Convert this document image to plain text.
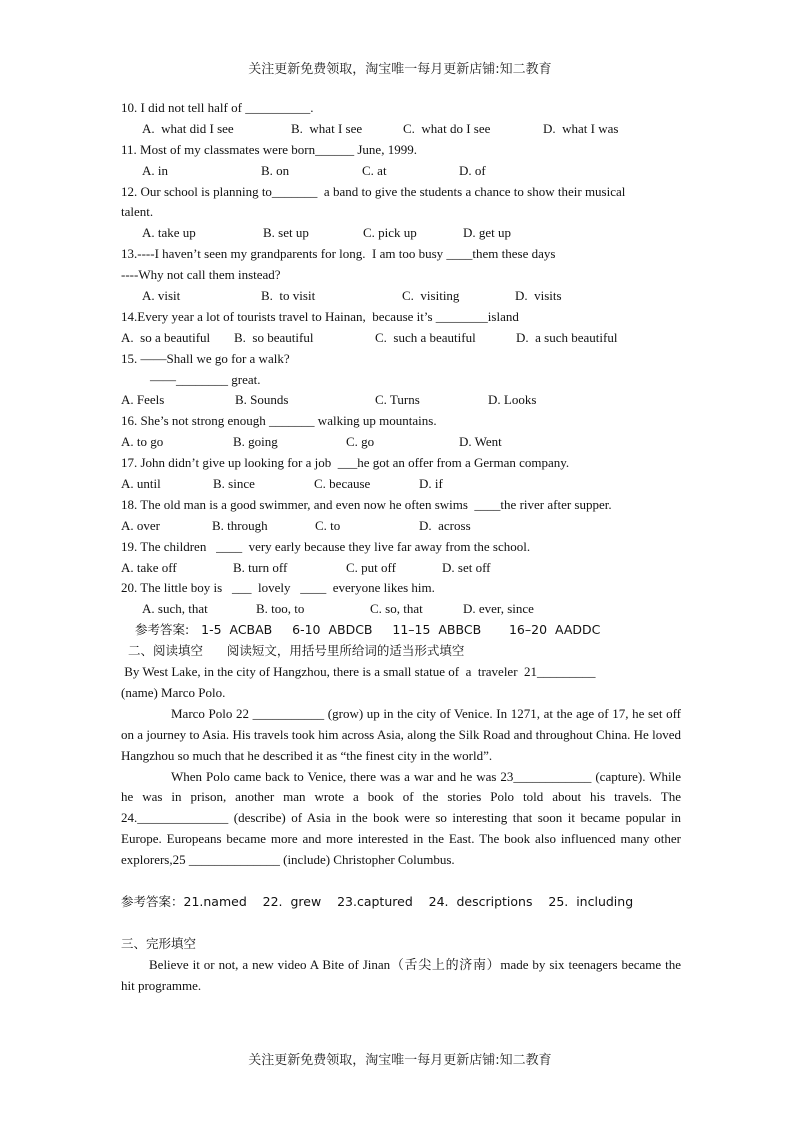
关注更新免费领取，淘宝唯一每月更新店铺:知二教育
10. I did not tell half of __________.
A.  what did I see	B.  what I see	C.  what do I see	D.  what I was
11. Most of my classmates were born______ June, 1999.
A. in	B. on	C. at	D. of
12. Our school is planning to_______  a band to give the students a chance to show their musical
talent.
A. take up	B. set up	C. pick up	D. get up
13.----I haven’t seen my grandparents for long.  I am too busy ____them these days
----Why not call them instead?
A. visit	B.  to visit	C.  visiting	D.  visits
14.Every year a lot of tourists travel to Hainan,  because it’s ________island
A.  so a beautiful	B.  so beautiful	C.  such a beautiful	D.  a such beautiful
15. ——Shall we go for a walk?
——________ great.
A. Feels	B. Sounds	C. Turns	D. Looks
16. She’s not strong enough _______ walking up mountains.
A. to go	B. going	C. go	D. Went
17. John didn’t give up looking for a job  ___he got an offer from a German company.
A. until	B. since	C. because	D. if
18. The old man is a good swimmer, and even now he often swims  ____the river after supper.
A. over	B. through	C. to	D.  across
19. The children   ____  very early because they live far away from the school.
A. take off	B. turn off	C. put off	D. set off
20. The little boy is   ___  lovely   ____  everyone likes him.
A. such, that	B. too, to	C. so, that	D. ever, since
参考答案:   1-5  ACBAB     6-10  ABDCB     11–15  ABBCB       16–20  AADDC
二、阅读填空      阅读短文，用括号里所给词的适当形式填空
By West Lake, in the city of Hangzhou, there is a small statue of  a  traveler  21_________
(name) Marco Polo.

Marco Polo 22 ___________ (grow) up in the city of Venice. In 1271, at the age of 17, he set off on a journey to Asia. His travels took him across Asia, along the Silk Road and throughout China. He loved Hangzhou so much that he described it as “the finest city in the world”.

When Polo came back to Venice, there was a war and he was 23____________ (capture). While he was in prison, another man wrote a book of the stories Polo told about his travels. The 24.______________ (describe) of Asia in the book were so interesting that soon it became popular in Europe. Europeans became more and more interested in the East. The book also influenced many other explorers,25 ______________ (include) Christopher Columbus.

参考答案：21.named    22.  grew    23.captured    24.  descriptions    25.  including
三、完形填空

Believe it or not, a new video A Bite of Jinan（舌尖上的济南）made by six teenagers became the hit programme.

关注更新免费领取，淘宝唯一每月更新店铺:知二教育
